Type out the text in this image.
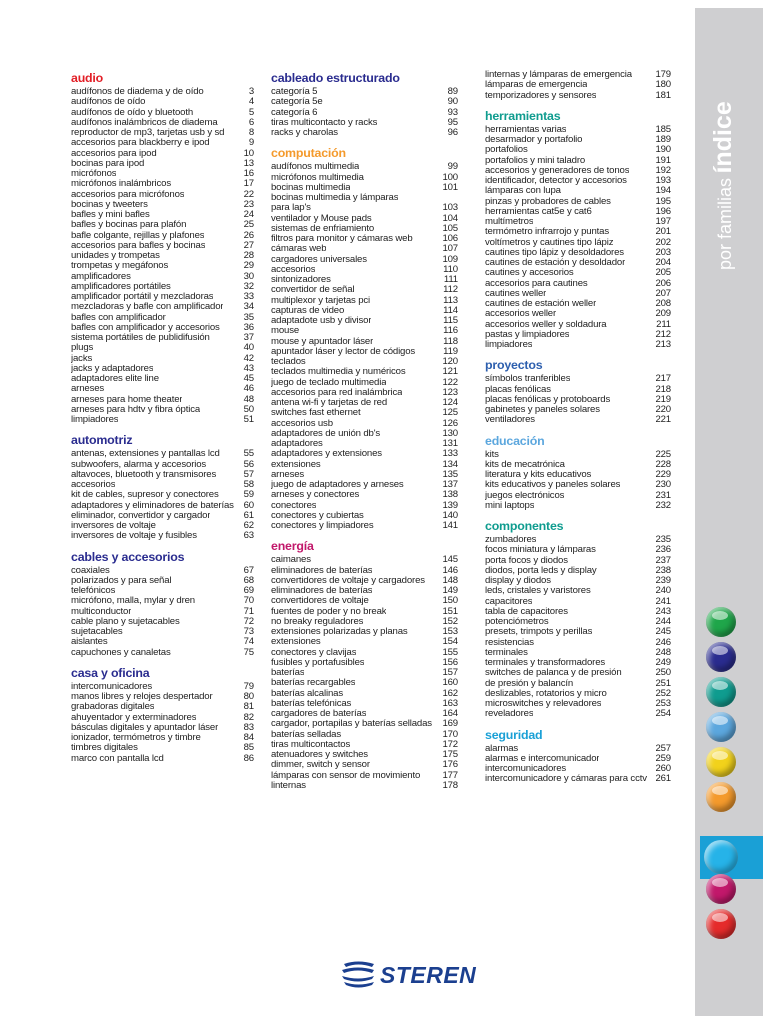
audio
audífonos de diadema y de oído	3
audífonos de oído	4
audífonos de oído y bluetooth	5
audífonos inalámbricos de diadema	6
reproductor de mp3, tarjetas usb y sd	8
accesorios para blackberry e ipod	9
accesorios para ipod	10
bocinas para ipod	13
micrófonos	16
micrófonos inalámbricos	17
accesorios para micrófonos	22
bocinas y tweeters	23
bafles y mini bafles	24
bafles y bocinas para plafón	25
bafle colgante, rejillas y plafones	26
accesorios para bafles y bocinas	27
unidades y trompetas	28
trompetas y megáfonos	29
amplificadores	30
amplificadores portátiles	32
amplificador portátil y mezcladoras	33
mezcladoras y bafle con amplificador	34
bafles con amplificador	35
bafles con amplificador y accesorios	36
sistema portátiles de publidifusión	37
plugs	40
jacks	42
jacks y adaptadores	43
adaptadores elite line	45
arneses	46
arneses para home theater	48
arneses para hdtv y fibra óptica	50
limpiadores	51
automotriz
antenas, extensiones y pantallas lcd	55
subwoofers, alarma y accesorios	56
altavoces, bluetooth y transmisores	57
accesorios	58
kit de cables, supresor y conectores	59
adaptadores y eliminadores de baterías	60
eliminador, convertidor y cargador	61
inversores de voltaje	62
inversores de voltaje y fusibles	63
cables y accesorios
coaxiales	67
polarizados y para señal	68
telefónicos	69
micrófono, malla, mylar y dren	70
multiconductor	71
cable plano y sujetacables	72
sujetacables	73
aislantes	74
capuchones y canaletas	75
casa y oficina
intercomunicadores	79
manos libres y relojes despertador	80
grabadoras digitales	81
ahuyentador y exterminadores	82
básculas digitales y apuntador láser	83
ionizador, termómetros y timbre	84
timbres digitales	85
marco con pantalla lcd	86
cableado estructurado
categoría 5	89
categoría 5e	90
categoría 6	93
tiras multicontacto y racks	95
racks y charolas	96
computación
audífonos multimedia	99
micrófonos multimedia	100
bocinas multimedia	101
bocinas multimedia y lámparas
para lap's	103
ventilador y Mouse pads	104
sistemas de enfriamiento	105
filtros para monitor y cámaras web	106
cámaras web	107
cargadores universales	109
accesorios	110
sintonizadores	111
convertidor de señal	112
multiplexor y tarjetas pci	113
capturas de video	114
adaptadote usb y divisor	115
mouse	116
mouse y apuntador láser	118
apuntador láser y lector de códigos	119
teclados	120
teclados multimedia y numéricos	121
juego de teclado multimedia	122
accesorios para red inalámbrica	123
antena wi-fi y tarjetas de red	124
switches fast ethernet	125
accesorios usb	126
adaptadores de unión db's	130
adaptadores	131
adaptadores y extensiones	133
extensiones	134
arneses	135
juego de adaptadores y arneses	137
arneses y conectores	138
conectores	139
conectores y cubiertas	140
conectores y limpiadores	141
energía
caimanes	145
eliminadores de baterías	146
convertidores de voltaje y cargadores	148
eliminadores de baterías	149
convertidores de voltaje	150
fuentes de poder y no break	151
no breaky reguladores	152
extensiones polarizadas y planas	153
extensiones	154
conectores y clavijas	155
fusibles y portafusibles	156
baterías	157
baterías recargables	160
baterías alcalinas	162
baterías telefónicas	163
cargadores de baterías	164
cargador, portapilas y baterías selladas	169
baterías selladas	170
tiras multicontactos	172
atenuadores y switches	175
dimmer, switch y sensor	176
lámparas con sensor de movimiento	177
linternas	178
linternas y lámparas de emergencia	179
lámparas de emergencia	180
temporizadores y sensores	181
herramientas
herramientas varias	185
desarmador y portafolio	189
portafolios	190
portafolios y mini taladro	191
accesorios y generadores de tonos	192
identificador, detector y accesorios	193
lámparas con lupa	194
pinzas y probadores de cables	195
herramientas cat5e y cat6	196
multímetros	197
termómetro infrarrojo y puntas	201
voltímetros y cautines tipo lápiz	202
cautines tipo lápiz y desoldadores	203
cautines de estación y desoldador	204
cautines y accesorios	205
accesorios para cautines	206
cautines weller	207
cautines de estación weller	208
accesorios weller	209
accesorios weller y soldadura	211
pastas y limpiadores	212
limpiadores	213
proyectos
símbolos tranferibles	217
placas fenólicas	218
placas fenólicas y protoboards	219
gabinetes y paneles solares	220
ventiladores	221
educación
kits	225
kits de mecatrónica	228
literatura y kits educativos	229
kits educativos y paneles solares	230
juegos electrónicos	231
mini laptops	232
componentes
zumbadores	235
focos miniatura y lámparas	236
porta focos y diodos	237
diodos, porta leds y display	238
display y diodos	239
leds, cristales y varistores	240
capacitores	241
tabla de capacitores	243
potenciómetros	244
presets, trimpots y perillas	245
resistencias	246
terminales	248
terminales y transformadores	249
switches de palanca y de presión	250
de presión y balancín	251
deslizables, rotatorios y micro	252
microswitches y relevadores	253
reveladores	254
seguridad
alarmas	257
alarmas e intercomunicador	259
intercomunicadores	260
intercomunicadore y cámaras para cctv 261
por familias índice
STEREN
